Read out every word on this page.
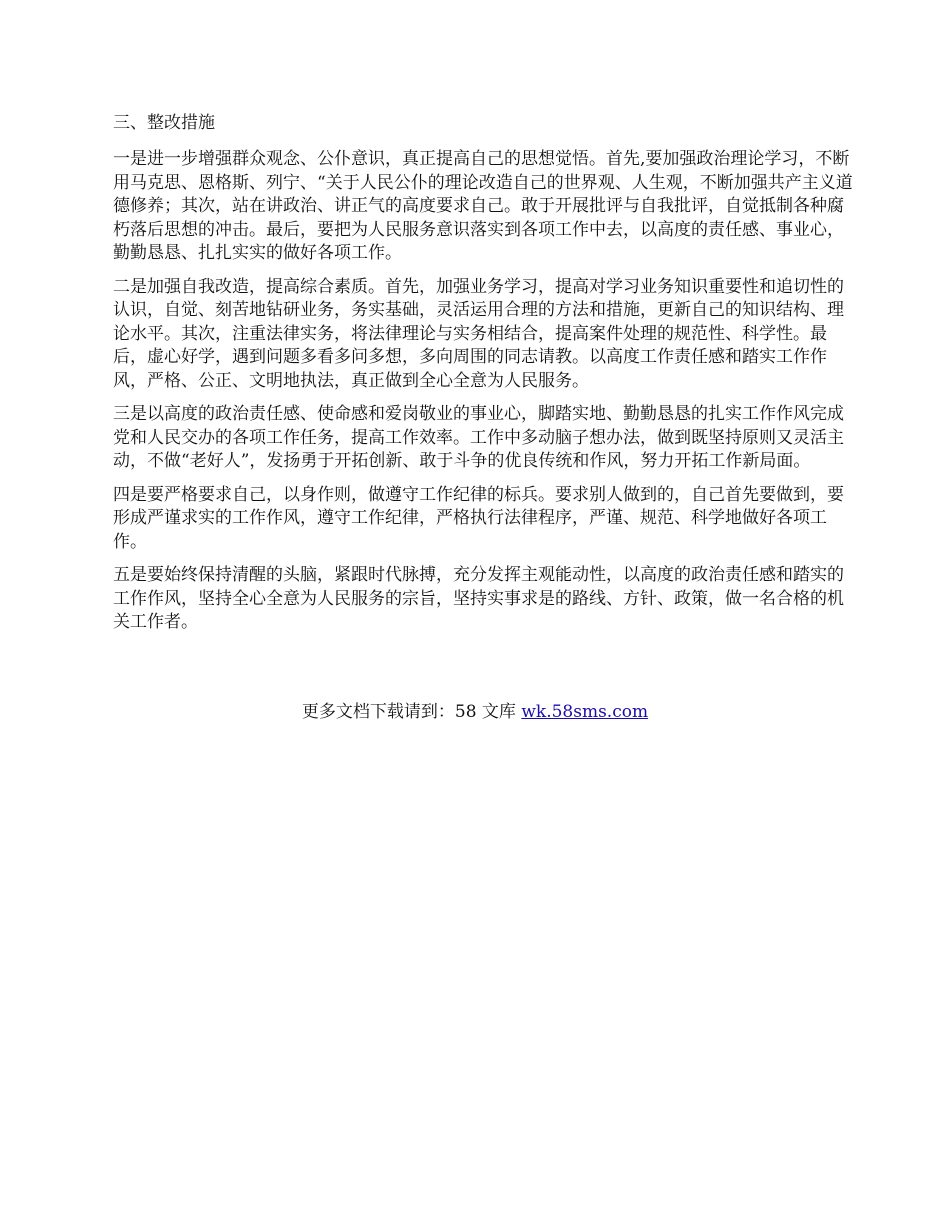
三、整改措施

一是进一步增强群众观念、公仆意识，真正提高自己的思想觉悟。首先,要加强政治理论学习，不断用马克思、恩格斯、列宁、“关于人民公仆的理论改造自己的世界观、人生观，不断加强共产主义道德修养；其次，站在讲政治、讲正气的高度要求自己。敢于开展批评与自我批评，自觉抵制各种腐朽落后思想的冲击。最后，要把为人民服务意识落实到各项工作中去，以高度的责任感、事业心，勤勤恳恳、扎扎实实的做好各项工作。

二是加强自我改造，提高综合素质。首先，加强业务学习，提高对学习业务知识重要性和追切性的认识，自觉、刻苦地钻研业务，务实基础，灵活运用合理的方法和措施，更新自己的知识结构、理论水平。其次，注重法律实务，将法律理论与实务相结合，提高案件处理的规范性、科学性。最后，虚心好学，遇到问题多看多问多想，多向周围的同志请教。以高度工作责任感和踏实工作作风，严格、公正、文明地执法，真正做到全心全意为人民服务。

三是以高度的政治责任感、使命感和爱岗敬业的事业心，脚踏实地、勤勤恳恳的扎实工作作风完成党和人民交办的各项工作任务，提高工作效率。工作中多动脑子想办法，做到既坚持原则又灵活主动，不做“老好人”，发扬勇于开拓创新、敢于斗争的优良传统和作风，努力开拓工作新局面。

四是要严格要求自己，以身作则，做遵守工作纪律的标兵。要求别人做到的，自己首先要做到，要形成严谨求实的工作作风，遵守工作纪律，严格执行法律程序，严谨、规范、科学地做好各项工作。

五是要始终保持清醒的头脑，紧跟时代脉搏，充分发挥主观能动性，以高度的政治责任感和踏实的工作作风，坚持全心全意为人民服务的宗旨，坚持实事求是的路线、方针、政策，做一名合格的机关工作者。

更多文档下载请到：58 文库 wk.58sms.com
